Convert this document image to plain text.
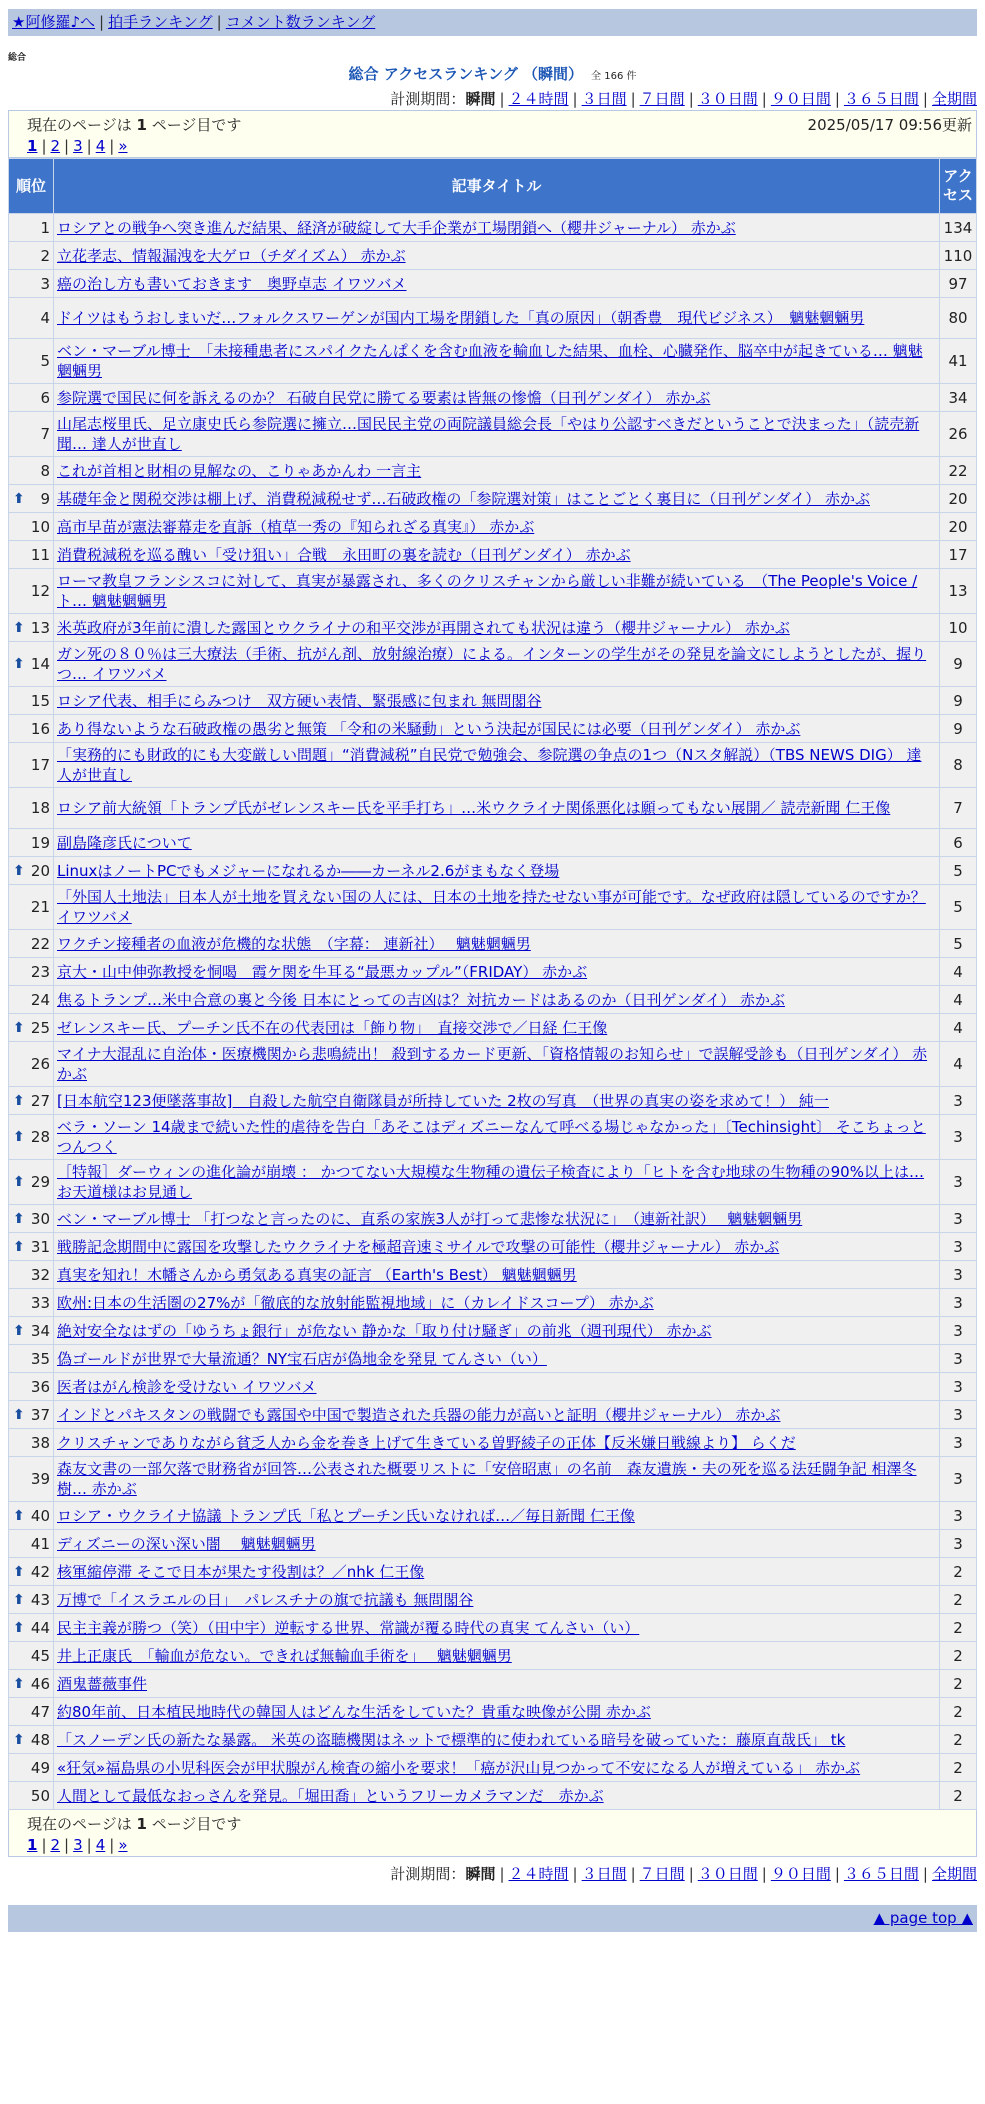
★阿修羅♪へ | 拍手ランキング | コメント数ランキング
総合
総合 アクセスランキング （瞬間） 全 166 件
計測期間：瞬間 | ２４時間 | ３日間 | ７日間 | ３０日間 | ９０日間 | ３６５日間 | 全期間
現在のページは 1 ページ目です	2025/05/17 09:56更新
1 | 2 | 3 | 4 | »
順位	記事タイトル	アクセス
1	ロシアとの戦争へ突き進んだ結果、経済が破綻して大手企業が工場閉鎖へ（櫻井ジャーナル） 赤かぶ	134
2	立花孝志、情報漏洩を大ゲロ（チダイズム） 赤かぶ	110
3	癌の治し方も書いておきます　奥野卓志 イワツバメ	97
4	ドイツはもうおしまいだ…フォルクスワーゲンが国内工場を閉鎖した「真の原因」（朝香豊　現代ビジネス）　魑魅魍魎男	80
5	ベン・マーブル博士　「未接種患者にスパイクたんぱくを含む血液を輸血した結果、血栓、心臓発作、脳卒中が起きている… 魑魅魍魎男	41
6	参院選で国民に何を訴えるのか？ 石破自民党に勝てる要素は皆無の惨憺（日刊ゲンダイ） 赤かぶ	34
7	山尾志桜里氏、足立康史氏ら参院選に擁立…国民民主党の両院議員総会長「やはり公認すべきだということで決まった」（読売新聞… 達人が世直し	26
8	これが首相と財相の見解なの、こりゃあかんわ 一言主	22

⬆ 9	基礎年金と関税交渉は棚上げ、消費税減税せず…石破政権の「参院選対策」はことごとく裏目に（日刊ゲンダイ） 赤かぶ	20
10	高市早苗が憲法審幕走を直訴（植草一秀の『知られざる真実』） 赤かぶ	20
11	消費税減税を巡る醜い「受け狙い」合戦　永田町の裏を読む（日刊ゲンダイ） 赤かぶ	17
12	ローマ教皇フランシスコに対して、真実が暴露され、多くのクリスチャンから厳しい非難が続いている　（The People's Voice / ト… 魑魅魍魎男	13

⬆ 13	米英政府が3年前に潰した露国とウクライナの和平交渉が再開されても状況は違う（櫻井ジャーナル） 赤かぶ	10

⬆ 14	ガン死の８０％は三大療法（手術、抗がん剤、放射線治療）による。インターンの学生がその発見を論文にしようとしたが、握りつ… イワツバメ	9
15	ロシア代表、相手にらみつけ　双方硬い表情、緊張感に包まれ 無問閣谷	9
16	あり得ないような石破政権の愚劣と無策 「令和の米騒動」という決起が国民には必要（日刊ゲンダイ） 赤かぶ	9
17	「実務的にも財政的にも大変厳しい問題」“消費減税”自民党で勉強会、参院選の争点の1つ（Nスタ解説）（TBS NEWS DIG） 達人が世直し	8
18	ロシア前大統領「トランプ氏がゼレンスキー氏を平手打ち」…米ウクライナ関係悪化は願ってもない展開／ 読売新聞 仁王像	7
19	副島隆彦氏について	6

⬆ 20	LinuxはノートPCでもメジャーになれるか――カーネル2.6がまもなく登場	5
21	「外国人土地法」日本人が土地を買えない国の人には、日本の土地を持たせない事が可能です。なぜ政府は隠しているのですか？ イワツバメ	5
22	ワクチン接種者の血液が危機的な状態　（字幕： 連新社）　 魑魅魍魎男	5
23	京大・山中伸弥教授を恫喝　霞ケ関を牛耳る“最悪カップル”（FRIDAY） 赤かぶ	4
24	焦るトランプ…米中合意の裏と今後 日本にとっての吉凶は？対抗カードはあるのか（日刊ゲンダイ） 赤かぶ	4

⬆ 25	ゼレンスキー氏、プーチン氏不在の代表団は「飾り物」　直接交渉で／日経 仁王像	4
26	マイナ大混乱に自治体・医療機関から悲鳴続出！ 殺到するカード更新、「資格情報のお知らせ」で誤解受診も（日刊ゲンダイ） 赤かぶ	4

⬆ 27	[日本航空123便墜落事故]　自殺した航空自衛隊員が所持していた 2枚の写真　（世界の真実の姿を求めて！） 純一	3

⬆ 28	ベラ・ソーン 14歳まで続いた性的虐待を告白「あそこはディズニーなんて呼べる場じゃなかった」〔Techinsight〕 そこちょっとつんつく	3

⬆ 29	［特報］ダーウィンの進化論が崩壊 ： かつてない大規模な生物種の遺伝子検査により「ヒトを含む地球の生物種の90%以上は… お天道様はお見通し	3

⬆ 30	ベン・マーブル博士 「打つなと言ったのに、直系の家族3人が打って悲惨な状況に」　（連新社訳）　 魑魅魍魎男	3

⬆ 31	戦勝記念期間中に露国を攻撃したウクライナを極超音速ミサイルで攻撃の可能性（櫻井ジャーナル） 赤かぶ	3
32	真実を知れ！木幡さんから勇気ある真実の証言 （Earth's Best） 魑魅魍魎男	3
33	欧州:日本の生活圏の27%が「徹底的な放射能監視地域」に（カレイドスコープ） 赤かぶ	3

⬆ 34	絶対安全なはずの「ゆうちょ銀行」が危ない 静かな「取り付け騒ぎ」の前兆（週刊現代） 赤かぶ	3
35	偽ゴールドが世界で大量流通？NY宝石店が偽地金を発見 てんさい（い）	3
36	医者はがん検診を受けない イワツバメ	3

⬆ 37	インドとパキスタンの戦闘でも露国や中国で製造された兵器の能力が高いと証明（櫻井ジャーナル） 赤かぶ	3
38	クリスチャンでありながら貧乏人から金を巻き上げて生きている曽野綾子の正体【反米嫌日戦線より】 らくだ	3
39	森友文書の一部欠落で財務省が回答…公表された概要リストに「安倍昭恵」の名前　森友遺族・夫の死を巡る法廷闘争記 相澤冬樹… 赤かぶ	3

⬆ 40	ロシア・ウクライナ協議 トランプ氏「私とプーチン氏いなければ…／毎日新聞 仁王像	3
41	ディズニーの深い深い闇　 魑魅魍魎男	3

⬆ 42	核軍縮停滞 そこで日本が果たす役割は？／nhk 仁王像	2

⬆ 43	万博で「イスラエルの日」　パレスチナの旗で抗議も 無問閣谷	2

⬆ 44	民主主義が勝つ（笑）（田中宇）逆転する世界、常識が覆る時代の真実 てんさい（い）	2
45	井上正康氏　「輸血が危ない。できれば無輸血手術を」　 魑魅魍魎男	2

⬆ 46	酒鬼薔薇事件	2
47	約80年前、日本植民地時代の韓国人はどんな生活をしていた？貴重な映像が公開 赤かぶ	2

⬆ 48	「スノーデン氏の新たな暴露。 米英の盗聴機関はネットで標準的に使われている暗号を破っていた：藤原直哉氏」 tk	2
49	«狂気»福島県の小児科医会が甲状腺がん検査の縮小を要求！「癌が沢山見つかって不安になる人が増えている」 赤かぶ	2
50	人間として最低なおっさんを発見。「堀田喬」というフリーカメラマンだ　赤かぶ	2
現在のページは 1 ページ目です
1 | 2 | 3 | 4 | »
計測期間：瞬間 | ２４時間 | ３日間 | ７日間 | ３０日間 | ９０日間 | ３６５日間 | 全期間
▲ page top ▲
